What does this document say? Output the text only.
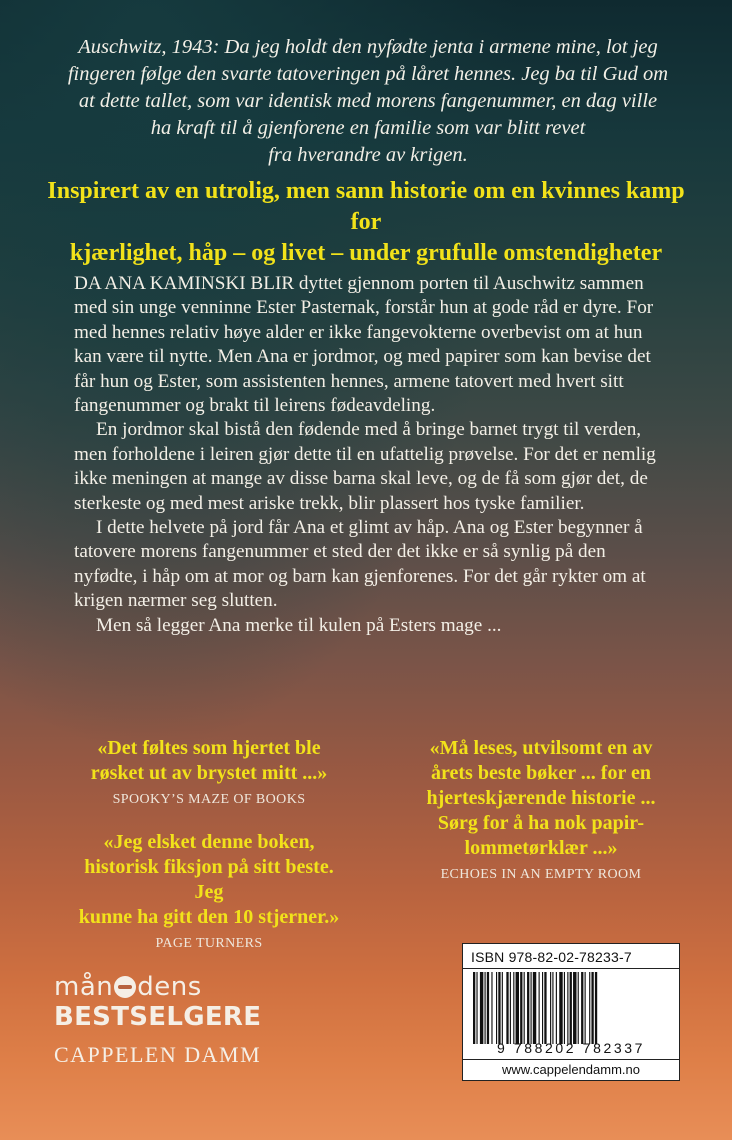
Auschwitz, 1943: Da jeg holdt den nyfødte jenta i armene mine, lot jeg
fingeren følge den svarte tatoveringen på låret hennes. Jeg ba til Gud om
at dette tallet, som var identisk med morens fangenummer, en dag ville
ha kraft til å gjenforene en familie som var blitt revet
fra hverandre av krigen.
Inspirert av en utrolig, men sann historie om en kvinnes kamp for
kjærlighet, håp – og livet – under grufulle omstendigheter

DA ANA KAMINSKI BLIR dyttet gjennom porten til Auschwitz sammen med sin unge venninne Ester Pasternak, forstår hun at gode råd er dyre. For med hennes relativ høye alder er ikke fangevokterne overbevist om at hun kan være til nytte. Men Ana er jordmor, og med papirer som kan bevise det får hun og Ester, som assistenten hennes, armene tatovert med hvert sitt fangenummer og brakt til leirens fødeavdeling.

En jordmor skal bistå den fødende med å bringe barnet trygt til verden, men forholdene i leiren gjør dette til en ufattelig prøvelse. For det er nemlig ikke meningen at mange av disse barna skal leve, og de få som gjør det, de sterkeste og med mest ariske trekk, blir plassert hos tyske familier.

I dette helvete på jord får Ana et glimt av håp. Ana og Ester begynner å tatovere morens fangenummer et sted der det ikke er så synlig på den nyfødte, i håp om at mor og barn kan gjenforenes. For det går rykter om at krigen nærmer seg slutten.

Men så legger Ana merke til kulen på Esters mage ...

«Det føltes som hjertet ble
røsket ut av brystet mitt ...»
SPOOKY’S MAZE OF BOOKS
«Jeg elsket denne boken,
historisk fiksjon på sitt beste. Jeg
kunne ha gitt den 10 stjerner.»
PAGE TURNERS
«Må leses, utvilsomt en av
årets beste bøker ... for en
hjerteskjærende historie ...
Sørg for å ha nok papir-
lommetørklær ...»
ECHOES IN AN EMPTY ROOM
mån dens
BESTSELGERE
CAPPELEN DAMM
ISBN 978-82-02-78233-7
9 788202 782337
www.cappelendamm.no
